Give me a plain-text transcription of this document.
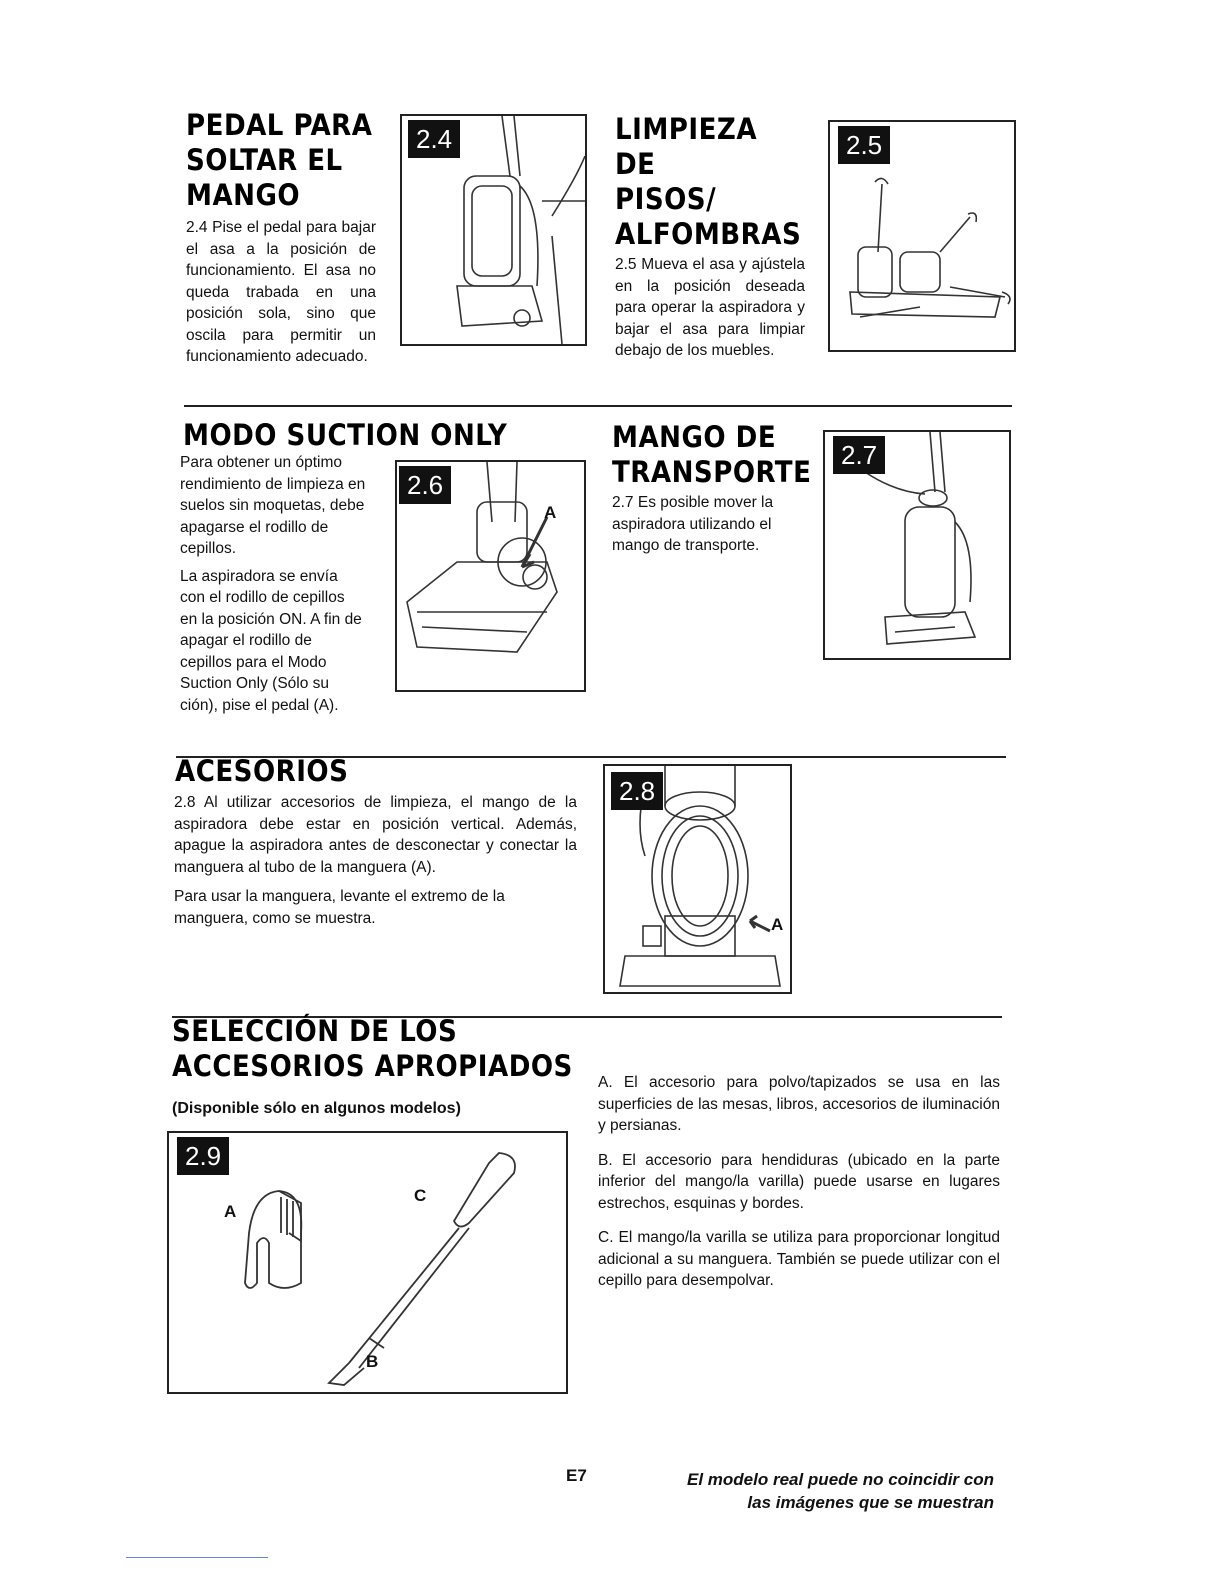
PEDAL PARA
SOLTAR EL
MANGO

2.4 Pise el pedal para bajar el asa a la posición de funcionamiento. El asa no queda trabada en una posición sola, sino que oscila para permitir un funcionamiento adecuado.

2.4	LIMPIEZA DE
PISOS/
ALFOMBRAS

2.5 Mueva el asa y ajústela en la posición deseada para operar la aspiradora y bajar el asa para limpiar debajo de los muebles.

2.5
MODO SUCTION ONLY

Para obtener un óptimo rendimiento de limpieza en suelos sin moquetas, debe apagarse el rodillo de cepillos.

La aspiradora se envía con el rodillo de cepillos en la posición ON. A fin de apagar el rodillo de cepillos para el Modo Suction Only (Sólo su ción), pise el pedal (A).

2.6
A
MANGO DE
TRANSPORTE

2.7 Es posible mover la aspiradora utilizando el mango de transporte.

2.7
ACESORIOS

2.8 Al utilizar accesorios de limpieza, el mango de la aspiradora debe estar en posición vertical. Además, apague la aspiradora antes de desconectar y conectar la manguera al tubo de la manguera (A).

Para usar la manguera, levante el extremo de la manguera, como se muestra.

2.8
A
SELECCIÓN DE LOS
ACCESORIOS APROPIADOS

(Disponible sólo en algunos modelos)

2.9
A
B
C

A. El accesorio para polvo/tapizados se usa en las superficies de las mesas, libros, accesorios de iluminación y persianas.

B. El accesorio para hendiduras (ubicado en la parte inferior del mango/la varilla) puede usarse en lugares estrechos, esquinas y bordes.

C. El mango/la varilla se utiliza para proporcionar longitud adicional a su manguera. También se puede utilizar con el cepillo para desempolvar.

E7	El modelo real puede no coincidir con
las imágenes que se muestran
